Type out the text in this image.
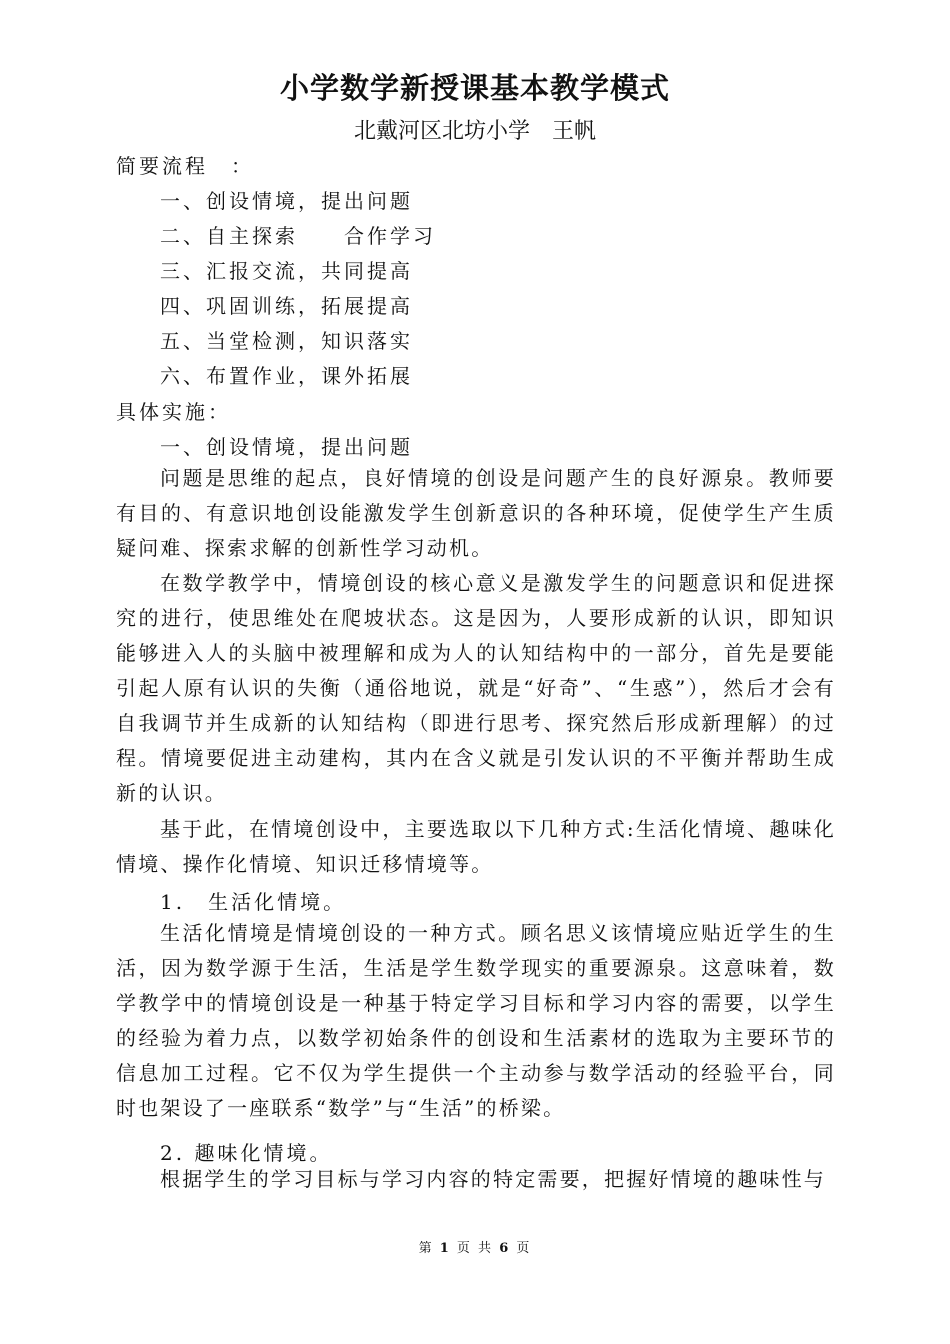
小学数学新授课基本教学模式
北戴河区北坊小学　王帆
简要流程　：
一、创设情境，提出问题
二、自主探索　　合作学习
三、汇报交流，共同提高
四、巩固训练，拓展提高
五、当堂检测，知识落实
六、布置作业，课外拓展
具体实施：
一、创设情境，提出问题

问题是思维的起点，良好情境的创设是问题产生的良好源泉。教师要有目的、有意识地创设能激发学生创新意识的各种环境，促使学生产生质疑问难、探索求解的创新性学习动机。

在数学教学中，情境创设的核心意义是激发学生的问题意识和促进探究的进行，使思维处在爬坡状态。这是因为，人要形成新的认识，即知识能够进入人的头脑中被理解和成为人的认知结构中的一部分，首先是要能引起人原有认识的失衡（通俗地说，就是“好奇”、“生惑”），然后才会有自我调节并生成新的认知结构（即进行思考、探究然后形成新理解）的过程。情境要促进主动建构，其内在含义就是引发认识的不平衡并帮助生成新的认识。

基于此，在情境创设中，主要选取以下几种方式:生活化情境、趣味化情境、操作化情境、知识迁移情境等。

1.　生活化情境。

生活化情境是情境创设的一种方式。顾名思义该情境应贴近学生的生活，因为数学源于生活，生活是学生数学现实的重要源泉。这意味着，数学教学中的情境创设是一种基于特定学习目标和学习内容的需要，以学生的经验为着力点，以数学初始条件的创设和生活素材的选取为主要环节的信息加工过程。它不仅为学生提供一个主动参与数学活动的经验平台，同时也架设了一座联系“数学”与“生活”的桥梁。

2. 趣味化情境。

根据学生的学习目标与学习内容的特定需要，把握好情境的趣味性与

第 1 页 共 6 页
